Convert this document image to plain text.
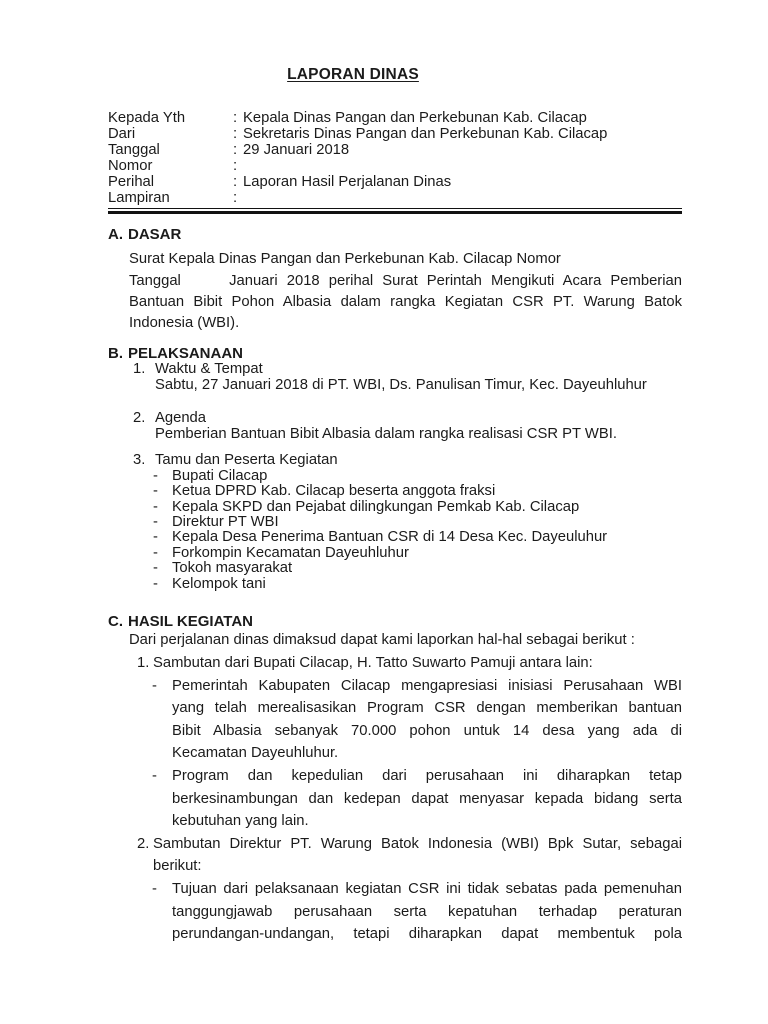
LAPORAN DINAS
Kepada Yth	: Kepala Dinas Pangan dan Perkebunan Kab. Cilacap
Dari	: Sekretaris Dinas Pangan dan Perkebunan Kab. Cilacap
Tanggal	: 29 Januari 2018
Nomor	:
Perihal	: Laporan Hasil Perjalanan Dinas
Lampiran	:
A. DASAR
Surat Kepala Dinas Pangan dan Perkebunan Kab. Cilacap Nomor
Tanggal	Januari 2018 perihal Surat Perintah Mengikuti Acara Pemberian
Bantuan Bibit Pohon Albasia dalam rangka Kegiatan CSR PT. Warung Batok
Indonesia (WBI).
B. PELAKSANAAN
1. Waktu & Tempat
Sabtu, 27 Januari 2018 di PT. WBI, Ds. Panulisan Timur, Kec. Dayeuhluhur
2. Agenda
Pemberian Bantuan Bibit Albasia dalam rangka realisasi CSR PT WBI.
3. Tamu dan Peserta Kegiatan
- Bupati Cilacap
- Ketua DPRD Kab. Cilacap beserta anggota fraksi
- Kepala SKPD dan Pejabat dilingkungan Pemkab Kab. Cilacap
- Direktur PT WBI
- Kepala Desa Penerima Bantuan CSR di 14 Desa Kec. Dayeuluhur
- Forkompin Kecamatan Dayeuhluhur
- Tokoh masyarakat
- Kelompok tani
C. HASIL KEGIATAN
Dari perjalanan dinas dimaksud dapat kami laporkan hal-hal sebagai berikut :
1. Sambutan dari Bupati Cilacap, H. Tatto Suwarto Pamuji antara lain:
-	Pemerintah Kabupaten Cilacap mengapresiasi inisiasi Perusahaan WBI
yang telah merealisasikan Program CSR dengan memberikan bantuan
Bibit Albasia sebanyak 70.000 pohon untuk 14 desa yang ada di
Kecamatan Dayeuhluhur.
-	Program dan kepedulian dari perusahaan ini diharapkan tetap
berkesinambungan dan kedepan dapat menyasar kepada bidang serta
kebutuhan yang lain.
2. Sambutan Direktur PT. Warung Batok Indonesia (WBI) Bpk Sutar, sebagai
berikut:
-	Tujuan dari pelaksanaan kegiatan CSR ini tidak sebatas pada pemenuhan
tanggungjawab perusahaan serta kepatuhan terhadap peraturan
perundangan-undangan, tetapi diharapkan dapat membentuk pola
